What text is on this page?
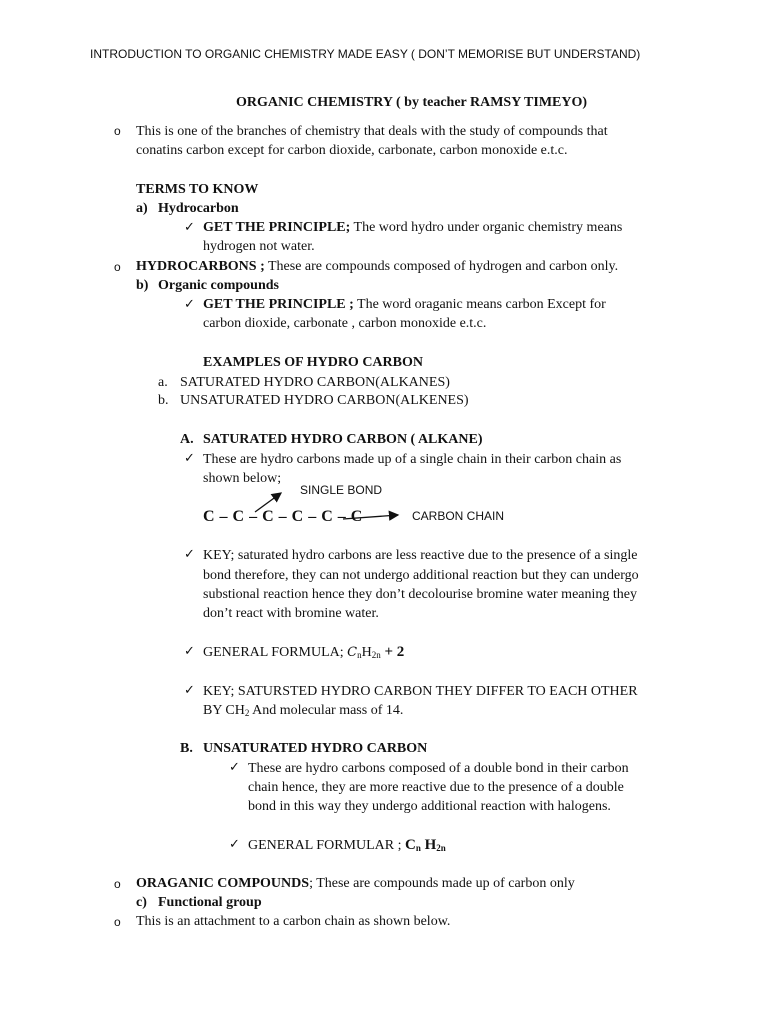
INTRODUCTION TO ORGANIC CHEMISTRY MADE EASY ( DON’T MEMORISE BUT UNDERSTAND)
ORGANIC CHEMISTRY ( by teacher RAMSY TIMEYO)
o This is one of the branches of chemistry that deals with the study of compounds that
conatins carbon except for carbon dioxide, carbonate, carbon monoxide e.t.c.
TERMS TO KNOW
a) Hydrocarbon
✓ GET THE PRINCIPLE; The word hydro under organic chemistry means
hydrogen not water.
o HYDROCARBONS ; These are compounds composed of hydrogen and carbon only.
b) Organic compounds
✓ GET THE PRINCIPLE ; The word oraganic means carbon Except for
carbon dioxide, carbonate , carbon monoxide e.t.c.
EXAMPLES OF HYDRO CARBON
a. SATURATED HYDRO CARBON(ALKANES)
b. UNSATURATED HYDRO CARBON(ALKENES)
A. SATURATED HYDRO CARBON ( ALKANE)
✓ These are hydro carbons made up of a single chain in their carbon chain as
shown below;
SINGLE BOND
C – C – C – C – C – C	CARBON CHAIN
✓ KEY; saturated hydro carbons are less reactive due to the presence of a single
bond therefore, they can not undergo additional reaction but they can undergo
substional reaction hence they don’t decolourise bromine water meaning they
don’t react with bromine water.
✓ GENERAL FORMULA; $C_nH_{2n} + 2$
✓ KEY; SATURSTED HYDRO CARBON THEY DIFFER TO EACH OTHER
BY $CH_2$ And molecular mass of 14.
B. UNSATURATED HYDRO CARBON
✓ These are hydro carbons composed of a double bond in their carbon
chain hence, they are more reactive due to the presence of a double
bond in this way they undergo additional reaction with halogens.
✓ GENERAL FORMULAR ; $C_n$ $H_{2n}$
o ORAGANIC COMPOUNDS; These are compounds made up of carbon only
c) Functional group
o This is an attachment to a carbon chain as shown below.
